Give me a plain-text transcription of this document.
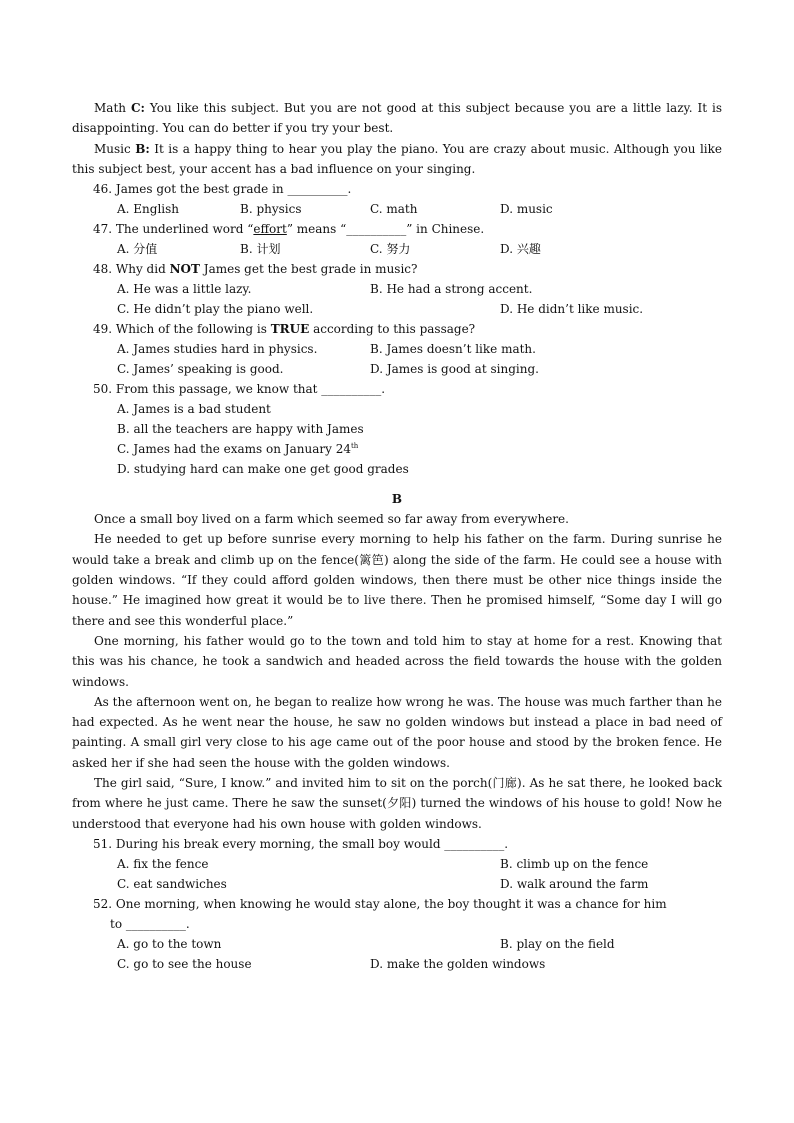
Math C: You like this subject. But you are not good at this subject because you are a little lazy. It is disappointing. You can do better if you try your best.

Music B: It is a happy thing to hear you play the piano. You are crazy about music. Although you like this subject best, your accent has a bad influence on your singing.

46. James got the best grade in __________.
A. English	B. physics	C. math	D. music
47. The underlined word “effort” means “__________” in Chinese.
A. 分值	B. 计划	C. 努力	D. 兴趣
48. Why did NOT James get the best grade in music?
A. He was a little lazy.	B. He had a strong accent.
C. He didn’t play the piano well.	D. He didn’t like music.
49. Which of the following is TRUE according to this passage?
A. James studies hard in physics.	B. James doesn’t like math.
C. James’ speaking is good.	D. James is good at singing.
50. From this passage, we know that __________.
A. James is a bad student
B. all the teachers are happy with James
C. James had the exams on January 24th
D. studying hard can make one get good grades
B

Once a small boy lived on a farm which seemed so far away from everywhere.

He needed to get up before sunrise every morning to help his father on the farm. During sunrise he would take a break and climb up on the fence(篱笆) along the side of the farm. He could see a house with golden windows. “If they could afford golden windows, then there must be other nice things inside the house.” He imagined how great it would be to live there. Then he promised himself, “Some day I will go there and see this wonderful place.”

One morning, his father would go to the town and told him to stay at home for a rest. Knowing that this was his chance, he took a sandwich and headed across the field towards the house with the golden windows.

As the afternoon went on, he began to realize how wrong he was. The house was much farther than he had expected. As he went near the house, he saw no golden windows but instead a place in bad need of painting. A small girl very close to his age came out of the poor house and stood by the broken fence. He asked her if she had seen the house with the golden windows.

The girl said, “Sure, I know.” and invited him to sit on the porch(门廊). As he sat there, he looked back from where he just came. There he saw the sunset(夕阳) turned the windows of his house to gold! Now he understood that everyone had his own house with golden windows.

51. During his break every morning, the small boy would __________.
A. fix the fence	B. climb up on the fence
C. eat sandwiches	D. walk around the farm
52. One morning, when knowing he would stay alone, the boy thought it was a chance for him
to __________.
A. go to the town	B. play on the field
C. go to see the house	D. make the golden windows
